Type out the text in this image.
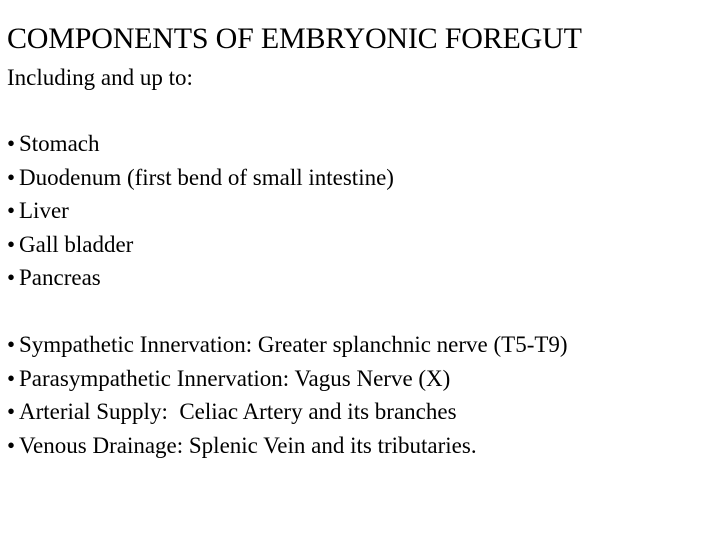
COMPONENTS OF EMBRYONIC FOREGUT
Including and up to:
• Stomach
• Duodenum (first bend of small intestine)
• Liver
• Gall bladder
• Pancreas
• Sympathetic Innervation: Greater splanchnic nerve (T5-T9)
• Parasympathetic Innervation: Vagus Nerve (X)
• Arterial Supply:  Celiac Artery and its branches
• Venous Drainage: Splenic Vein and its tributaries.
